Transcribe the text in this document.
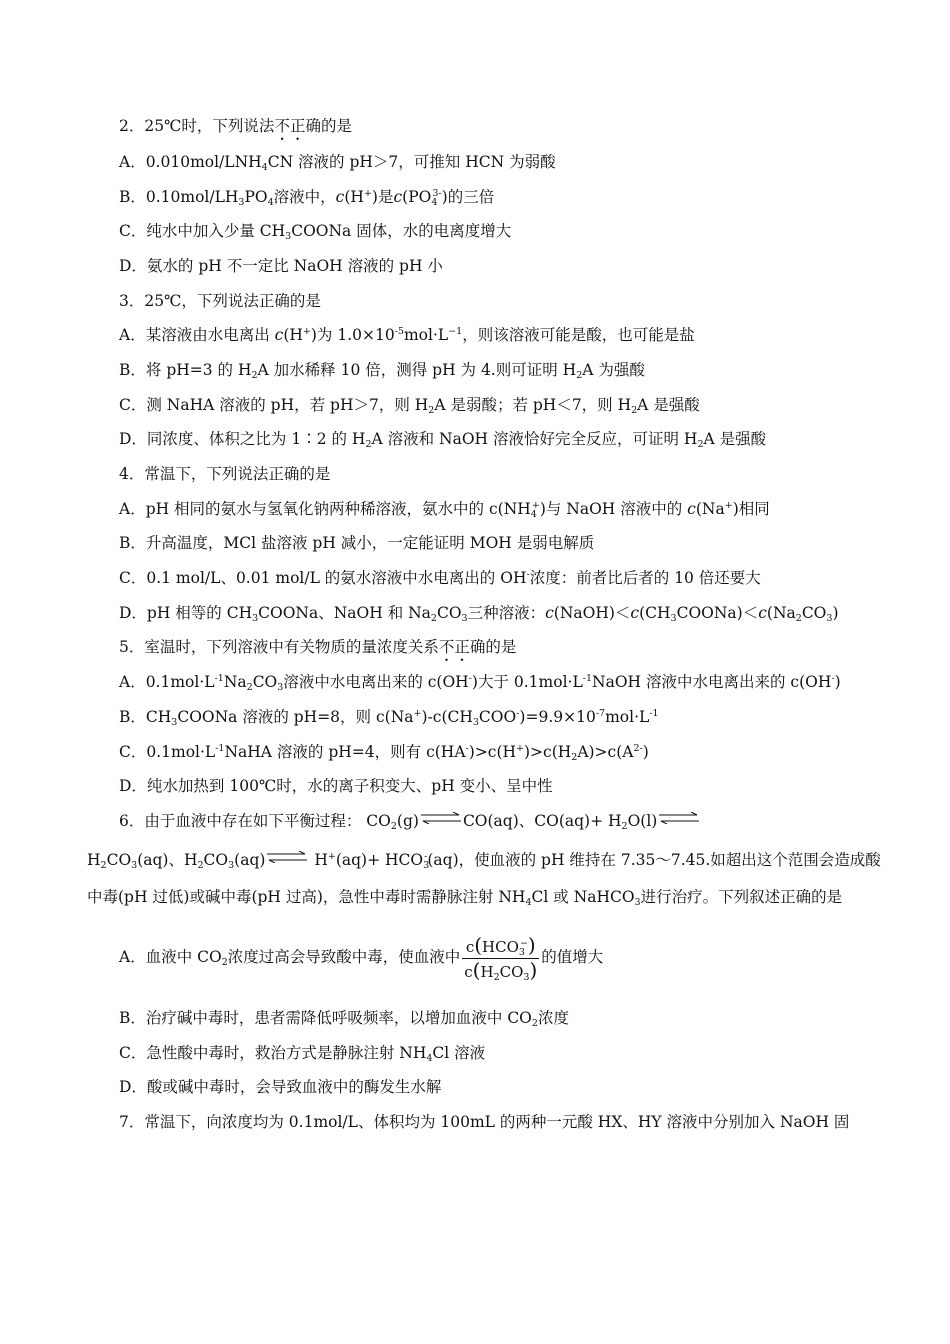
2．25℃时，下列说法不正确的是
A．$0.010mol/LNH_4CN$ 溶液的 pH＞7，可推知 HCN 为弱酸
B．$0.10mol/LH_3PO_4$溶液中，c(H+)是$c(PO_4^{3-})$的三倍
C．纯水中加入少量 $CH_3COONa$ 固体，水的电离度增大
D．氨水的 pH 不一定比 NaOH 溶液的 pH 小
3．25℃，下列说法正确的是
A．某溶液由水电离出 c(H+)为 $1.0\times 10^{-5}mol\cdot L^{-1}$，则该溶液可能是酸，也可能是盐
B．将 pH=3 的 $H_2A$ 加水稀释 10 倍，测得 pH 为 4.则可证明 $H_2A$ 为强酸
C．测 NaHA 溶液的 pH，若 pH＞7，则 $H_2A$ 是弱酸；若 pH＜7，则 $H_2A$ 是强酸
D．同浓度、体积之比为 1∶2 的 $H_2A$ 溶液和 NaOH 溶液恰好完全反应，可证明 $H_2A$ 是强酸
4．常温下，下列说法正确的是
A．pH 相同的氨水与氢氧化钠两种稀溶液，氨水中的 $c(NH_4^+)$与 NaOH 溶液中的 c(Na+)相同
B．升高温度，MCl 盐溶液 pH 减小，一定能证明 MOH 是弱电解质
C．0.1 mol/L、0.01 mol/L 的氨水溶液中水电离出的 OH-浓度：前者比后者的 10 倍还要大
D．pH 相等的 $CH_3COONa$、NaOH 和 $Na_2CO_3$三种溶液：$c(NaOH)<c(CH_3COONa)<c(Na_2CO_3)$
5．室温时，下列溶液中有关物质的量浓度关系不正确的是
A．$0.1mol\cdot L^{-1}Na_2CO_3$溶液中水电离出来的 c(OH-)大于 $0.1mol\cdot L^{-1}NaOH$ 溶液中水电离出来的 c(OH-)
B．$CH_3COONa$ 溶液的 pH=8，则 $c(Na^+)-c(CH_3COO^-)=9.9\times 10^{-7}mol\cdot L^{-1}$
C．$0.1mol\cdot L^{-1}NaHA$ 溶液的 pH=4，则有 $c(HA^-)>c(H^+)>c(H_2A)>c(A^{2-})$
D．纯水加热到 100℃时，水的离子积变大、pH 变小、呈中性
6．由于血液中存在如下平衡过程： $CO_2(g)$ ⇌ CO(aq)、$CO(aq)+ H_2O(l)$ ⇌
$H_2CO_3(aq)$、$H_2CO_3(aq)$ ⇌ $H^+(aq)+ HCO_3^-(aq)$，使血液的 pH 维持在 7.35～7.45.如超出这个范围会造成酸
中毒(pH 过低)或碱中毒(pH 过高)，急性中毒时需静脉注射 $NH_4Cl$ 或 NaHCO$_3$进行治疗。下列叙述正确的是
A．血液中 $CO_2$浓度过高会导致酸中毒，使血液中 $\frac{c(HCO_3^-)}{c(H_2CO_3)}$ 的值增大
B．治疗碱中毒时，患者需降低呼吸频率，以增加血液中 $CO_2$浓度
C．急性酸中毒时，救治方式是静脉注射 $NH_4Cl$ 溶液
D．酸或碱中毒时，会导致血液中的酶发生水解
7．常温下，向浓度均为 0.1mol/L、体积均为 100mL 的两种一元酸 HX、HY 溶液中分别加入 NaOH 固
